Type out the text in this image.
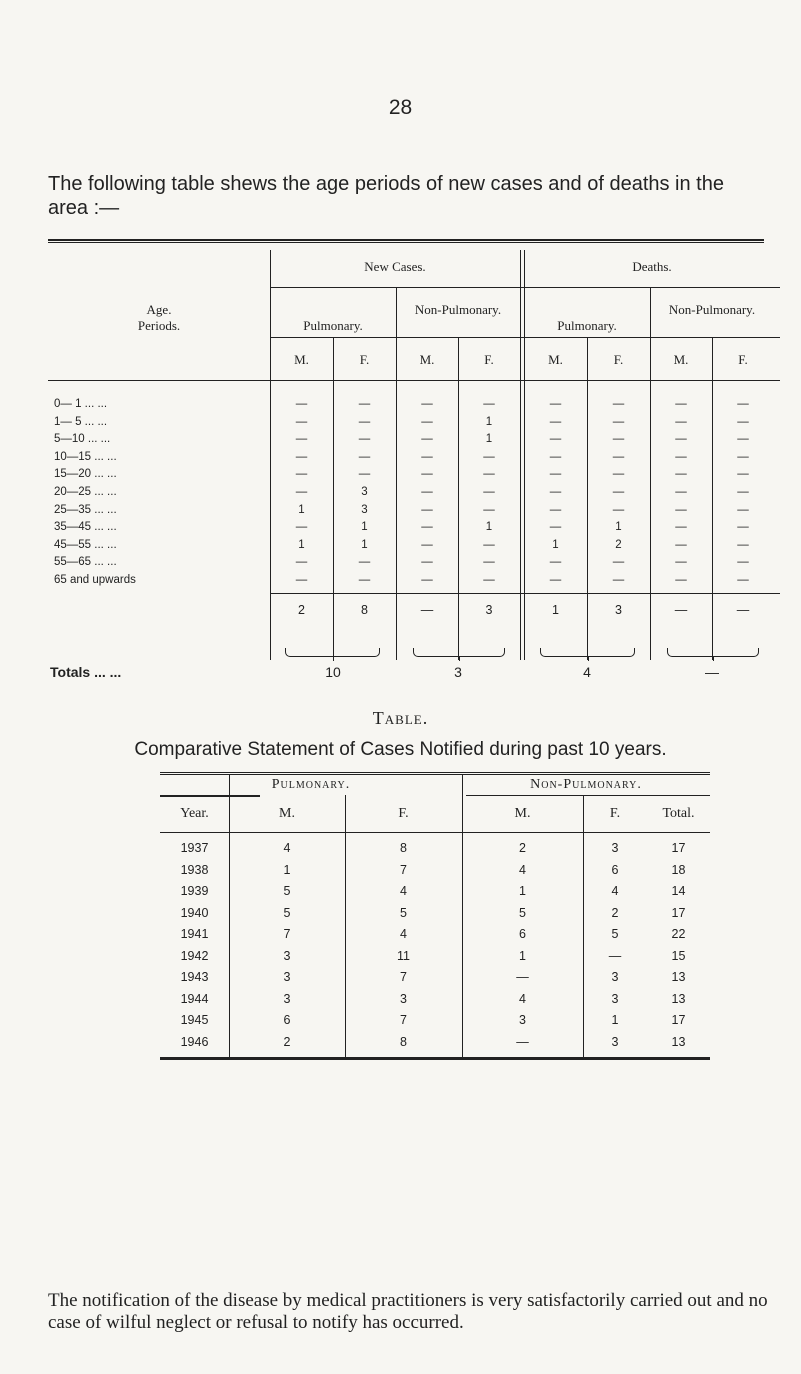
28
The following table shews the age periods of new cases and of deaths in the area :—
Age.
Periods.
New Cases.	Deaths.
Pulmonary.
Non-Pulmonary.
Pulmonary.
Non-Pulmonary.
M.	F.	M.	F.	M.	F.	M.	F.
0— 1 ... ...	—	—	—	—	—	—	—	—
1— 5 ... ...	—	—	—	1	—	—	—	—
5—10 ... ...	—	—	—	1	—	—	—	—
10—15 ... ...	—	—	—	—	—	—	—	—
15—20 ... ...	—	—	—	—	—	—	—	—
20—25 ... ...	—	3	—	—	—	—	—	—
25—35 ... ...	1	3	—	—	—	—	—	—
35—45 ... ...	—	1	—	1	—	1	—	—
45—55 ... ...	1	1	—	—	1	2	—	—
55—65 ... ...	—	—	—	—	—	—	—	—
65 and upwards	—	—	—	—	—	—	—	—
2	8	—	3	1	3	—	—
Totals ... ...	10	3	4	—
Table.
Comparative Statement of Cases Notified during past 10 years.
Pulmonary.	Non-Pulmonary.
Year.	M.	F.	M.	F.	Total.
1937	4	8	2	3	17
1938	1	7	4	6	18
1939	5	4	1	4	14
1940	5	5	5	2	17
1941	7	4	6	5	22
1942	3	11	1	—	15
1943	3	7	—	3	13
1944	3	3	4	3	13
1945	6	7	3	1	17
1946	2	8	—	3	13
The notification of the disease by medical practitioners is very satisfactorily carried out and no case of wilful neglect or refusal to notify has occurred.
